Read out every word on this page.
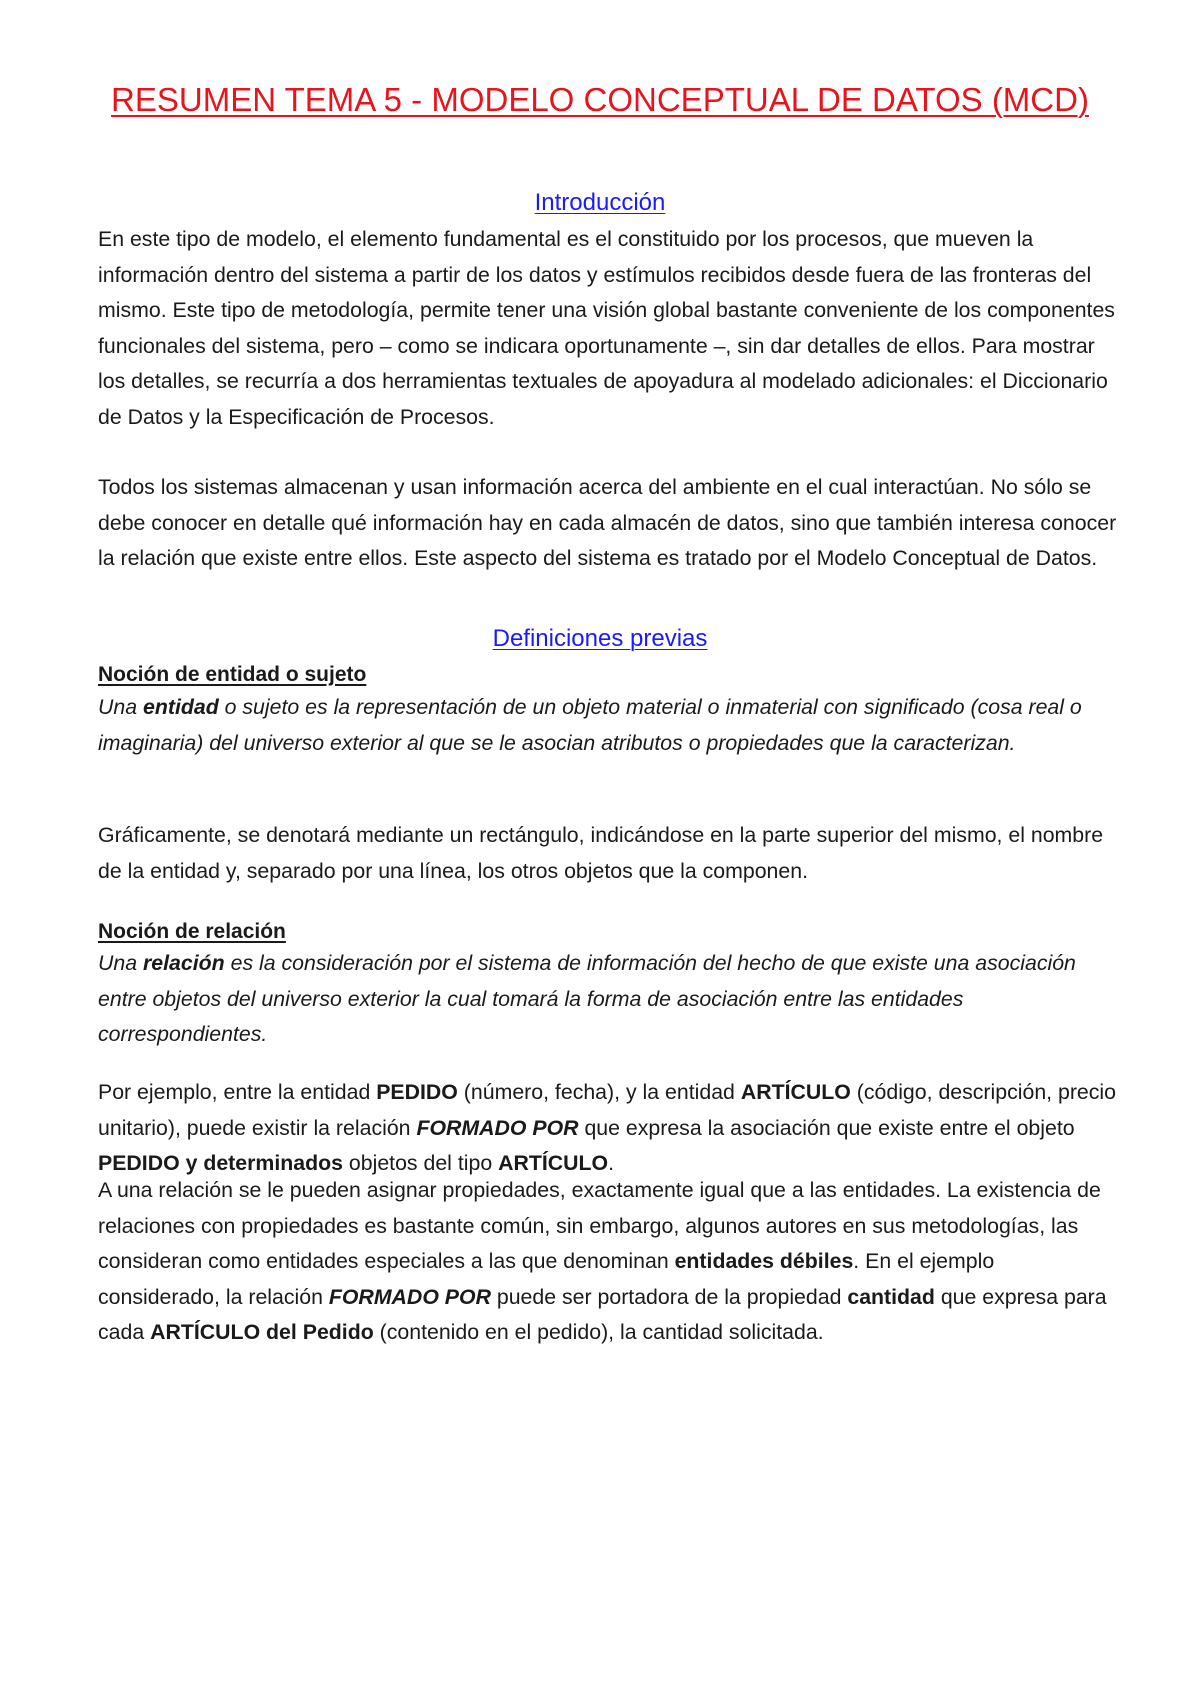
RESUMEN TEMA 5 - MODELO CONCEPTUAL DE DATOS (MCD)
Introducción

En este tipo de modelo, el elemento fundamental es el constituido por los procesos, que mueven la información dentro del sistema a partir de los datos y estímulos recibidos desde fuera de las fronteras del mismo. Este tipo de metodología, permite tener una visión global bastante conveniente de los componentes funcionales del sistema, pero – como se indicara oportunamente –, sin dar detalles de ellos. Para mostrar los detalles, se recurría a dos herramientas textuales de apoyadura al modelado adicionales: el Diccionario de Datos y la Especificación de Procesos.

Todos los sistemas almacenan y usan información acerca del ambiente en el cual interactúan. No sólo se debe conocer en detalle qué información hay en cada almacén de datos, sino que también interesa conocer la relación que existe entre ellos. Este aspecto del sistema es tratado por el Modelo Conceptual de Datos.

Definiciones previas
Noción de entidad o sujeto

Una entidad o sujeto es la representación de un objeto material o inmaterial con significado (cosa real o imaginaria) del universo exterior al que se le asocian atributos o propiedades que la caracterizan.

Gráficamente, se denotará mediante un rectángulo, indicándose en la parte superior del mismo, el nombre de la entidad y, separado por una línea, los otros objetos que la componen.

Noción de relación

Una relación es la consideración por el sistema de información del hecho de que existe una asociación entre objetos del universo exterior la cual tomará la forma de asociación entre las entidades correspondientes.

Por ejemplo, entre la entidad PEDIDO (número, fecha), y la entidad ARTÍCULO (código, descripción, precio unitario), puede existir la relación FORMADO POR que expresa la asociación que existe entre el objeto PEDIDO y determinados objetos del tipo ARTÍCULO.

A una relación se le pueden asignar propiedades, exactamente igual que a las entidades. La existencia de relaciones con propiedades es bastante común, sin embargo, algunos autores en sus metodologías, las consideran como entidades especiales a las que denominan entidades débiles. En el ejemplo considerado, la relación FORMADO POR puede ser portadora de la propiedad cantidad que expresa para cada ARTÍCULO del Pedido (contenido en el pedido), la cantidad solicitada.
